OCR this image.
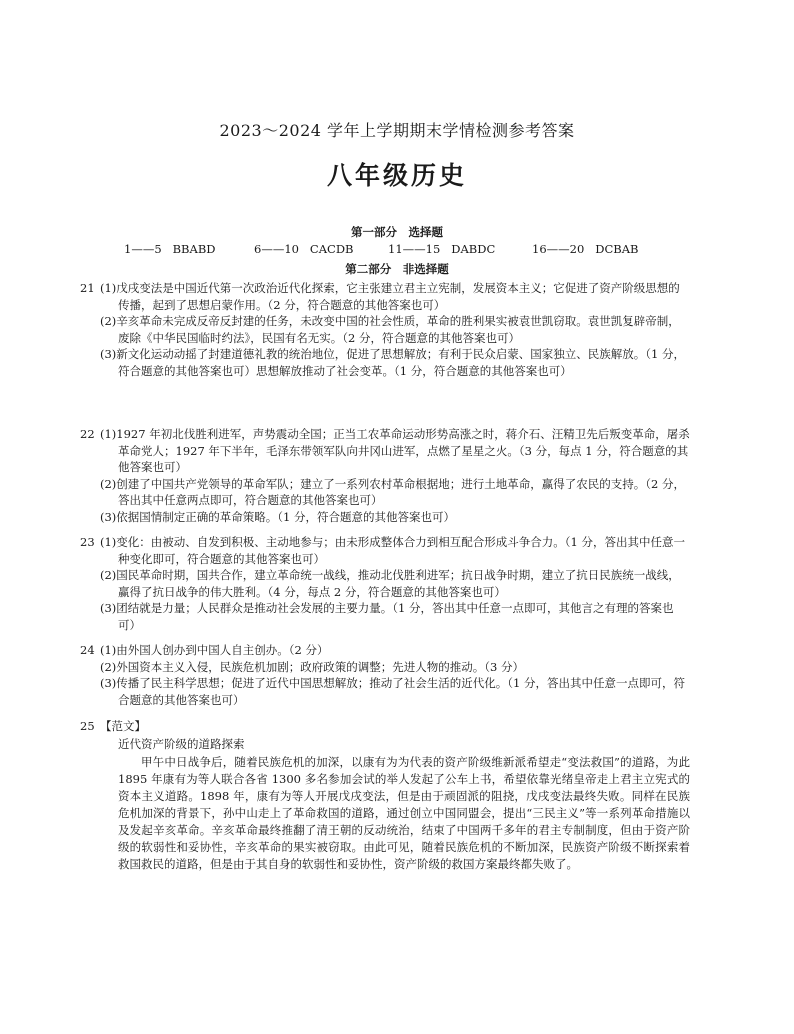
2023～2024 学年上学期期末学情检测参考答案
八年级历史
第一部分　选择题
1——5 BBABD	6——10 CACDB	11——15 DABDC	16——20 DCBAB
第二部分　非选择题
21 (1)戊戌变法是中国近代第一次政治近代化探索，它主张建立君主立宪制，发展资本主义；它促进了资产阶级思想的传播，起到了思想启蒙作用。（2 分，符合题意的其他答案也可）
(2)辛亥革命未完成反帝反封建的任务，未改变中国的社会性质，革命的胜利果实被袁世凯窃取。袁世凯复辟帝制，废除《中华民国临时约法》，民国有名无实。（2 分，符合题意的其他答案也可）
(3)新文化运动动摇了封建道德礼教的统治地位，促进了思想解放；有利于民众启蒙、国家独立、民族解放。（1 分，符合题意的其他答案也可）思想解放推动了社会变革。（1 分，符合题意的其他答案也可）
22 (1)1927 年初北伐胜利进军，声势震动全国；正当工农革命运动形势高涨之时，蒋介石、汪精卫先后叛变革命，屠杀革命党人；1927 年下半年，毛泽东带领军队向井冈山进军，点燃了星星之火。（3 分，每点 1 分，符合题意的其他答案也可）
(2)创建了中国共产党领导的革命军队；建立了一系列农村革命根据地；进行土地革命，赢得了农民的支持。（2 分，答出其中任意两点即可，符合题意的其他答案也可）
(3)依据国情制定正确的革命策略。（1 分，符合题意的其他答案也可）
23 (1)变化：由被动、自发到积极、主动地参与；由未形成整体合力到相互配合形成斗争合力。（1 分，答出其中任意一种变化即可，符合题意的其他答案也可）
(2)国民革命时期，国共合作，建立革命统一战线，推动北伐胜利进军；抗日战争时期，建立了抗日民族统一战线，赢得了抗日战争的伟大胜利。（4 分，每点 2 分，符合题意的其他答案也可）
(3)团结就是力量；人民群众是推动社会发展的主要力量。（1 分，答出其中任意一点即可，其他言之有理的答案也可）
24 (1)由外国人创办到中国人自主创办。（2 分）
(2)外国资本主义入侵，民族危机加剧；政府政策的调整；先进人物的推动。（3 分）
(3)传播了民主科学思想；促进了近代中国思想解放；推动了社会生活的近代化。（1 分，答出其中任意一点即可，符合题意的其他答案也可）
25 【范文】
近代资产阶级的道路探索
甲午中日战争后，随着民族危机的加深，以康有为为代表的资产阶级维新派希望走“变法救国”的道路，为此 1895 年康有为等人联合各省 1300 多名参加会试的举人发起了公车上书，希望依靠光绪皇帝走上君主立宪式的资本主义道路。1898 年，康有为等人开展戊戌变法，但是由于顽固派的阻挠，戊戌变法最终失败。同样在民族危机加深的背景下，孙中山走上了革命救国的道路，通过创立中国同盟会，提出“三民主义”等一系列革命措施以及发起辛亥革命。辛亥革命最终推翻了清王朝的反动统治，结束了中国两千多年的君主专制制度，但由于资产阶级的软弱性和妥协性，辛亥革命的果实被窃取。由此可见，随着民族危机的不断加深，民族资产阶级不断探索着救国救民的道路，但是由于其自身的软弱性和妥协性，资产阶级的救国方案最终都失败了。
